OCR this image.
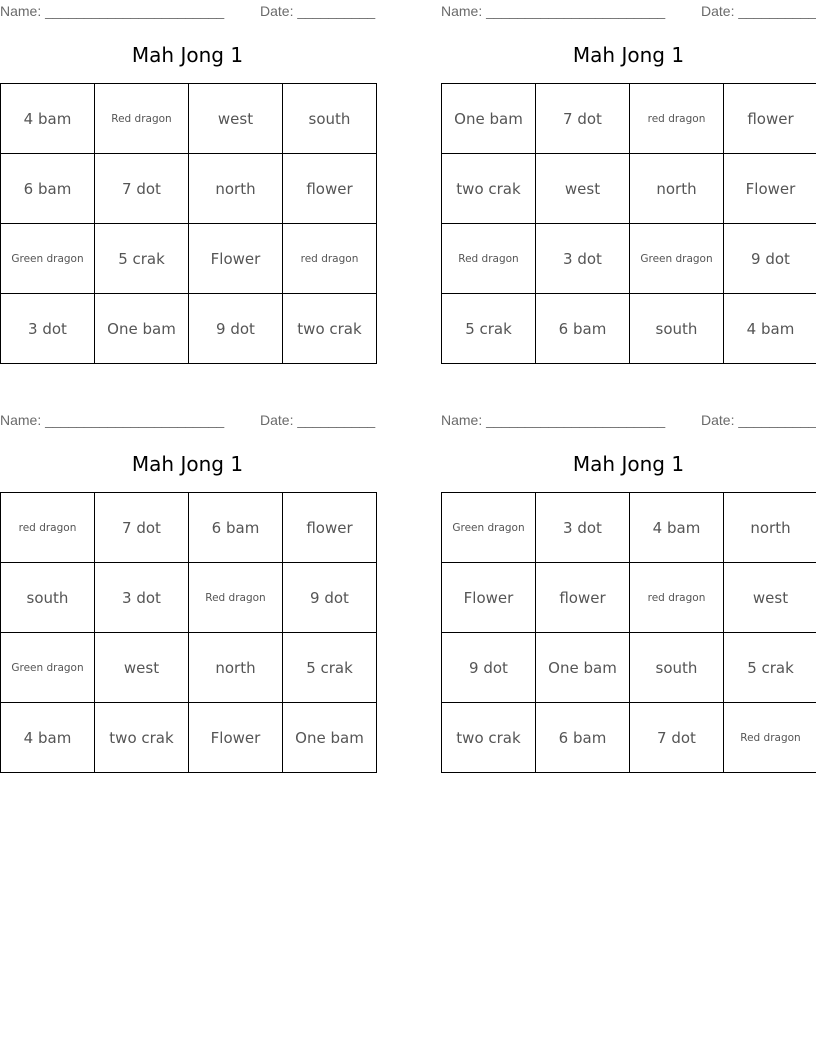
Name: _______________________	Date: __________
Mah Jong 1
4 bam	Red dragon	west	south
6 bam	7 dot	north	flower
Green dragon	5 crak	Flower	red dragon
3 dot	One bam	9 dot	two crak
Name: _______________________	Date: __________
Mah Jong 1
One bam	7 dot	red dragon	flower
two crak	west	north	Flower
Red dragon	3 dot	Green dragon	9 dot
5 crak	6 bam	south	4 bam
Name: _______________________	Date: __________
Mah Jong 1
red dragon	7 dot	6 bam	flower
south	3 dot	Red dragon	9 dot
Green dragon	west	north	5 crak
4 bam	two crak	Flower	One bam
Name: _______________________	Date: __________
Mah Jong 1
Green dragon	3 dot	4 bam	north
Flower	flower	red dragon	west
9 dot	One bam	south	5 crak
two crak	6 bam	7 dot	Red dragon
